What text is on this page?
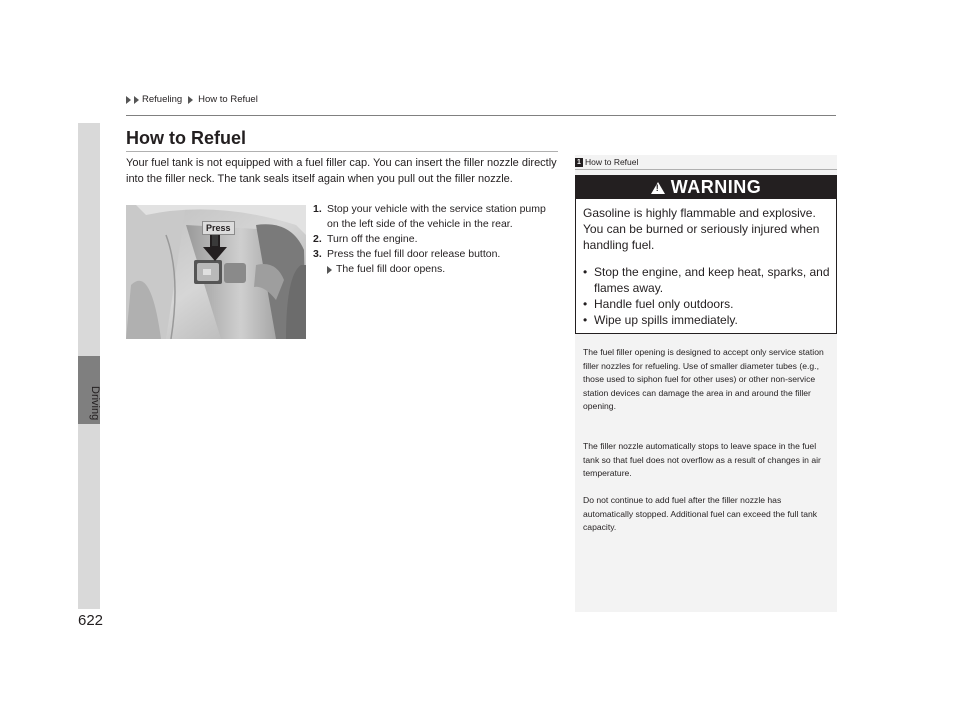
Refueling How to Refuel
Driving
How to Refuel
Your fuel tank is not equipped with a fuel filler cap. You can insert the filler nozzle directly into the filler neck. The tank seals itself again when you pull out the filler nozzle.
Press
1. Stop your vehicle with the service station pump on the left side of the vehicle in the rear.
2. Turn off the engine.
3. Press the fuel fill door release button.
The fuel fill door opens.
1 How to Refuel
!
WARNING
Gasoline is highly flammable and explosive. You can be burned or seriously injured when handling fuel.
• Stop the engine, and keep heat, sparks, and flames away.
• Handle fuel only outdoors.
• Wipe up spills immediately.
The fuel filler opening is designed to accept only service station filler nozzles for refueling. Use of smaller diameter tubes (e.g., those used to siphon fuel for other uses) or other non-service station devices can damage the area in and around the filler opening.
The filler nozzle automatically stops to leave space in the fuel tank so that fuel does not overflow as a result of changes in air temperature.
Do not continue to add fuel after the filler nozzle has automatically stopped. Additional fuel can exceed the full tank capacity.
622
